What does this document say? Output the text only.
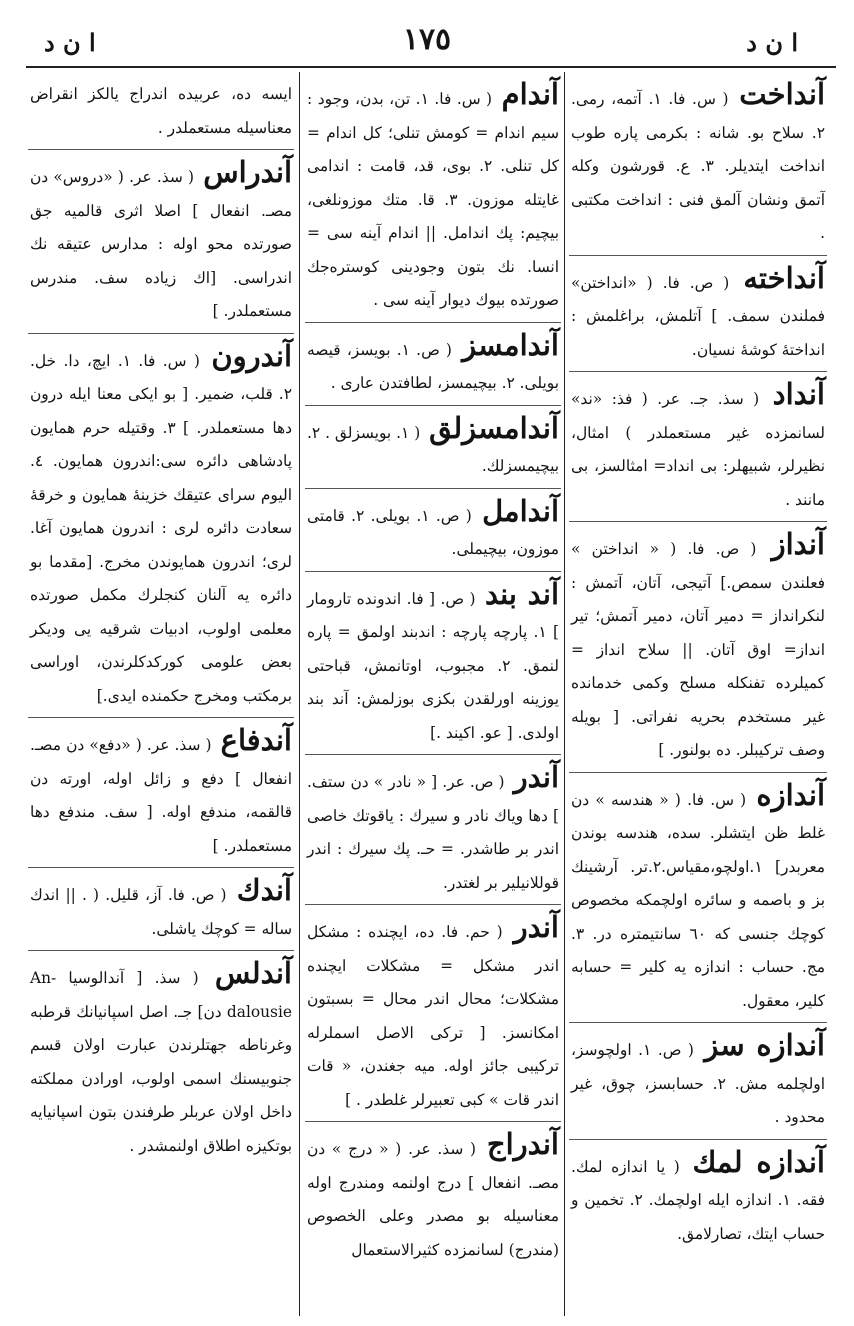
ا ن د
١٧٥
ا ن د

آنداخت ( س. فا. ١. آتمه، رمى. ٢. سلاح بو. شانه : بكرمى پاره طوب انداخت ايتديلر. ٣. ع. قورشون وكله آتمق ونشان آلمق فنى : انداخت مكتبى .

آنداخته ( ص. فا. ( «انداختن» فملندن سمف. ] آتلمش، براغلمش : انداختهٔ كوشهٔ نسيان.

آنداد ( سذ. جـ. عر. ( فذ: «ند» لسانمزده غير مستعملدر ) امثال، نظيرلر، شبيهلر: بى انداد= امثالسز، بى مانند .

آنداز ( ص. فا. ( « انداختن » فعلندن سمص.] آتيجى، آتان، آتمش : لنكرانداز = دمير آتان، دمير آتمش؛ تير انداز= اوق آتان. || سلاح انداز = كميلرده تفنكله مسلح وكمى خدمانده غير مستخدم بحريه نفراتى. [ بويله وصف تركيبلر. ده بولنور. ]

آندازه ( س. فا. ( « هندسه » دن غلط ظن ايتشلر. سده، هندسه بوندن معربدر] ١.اولچو،مقياس.٢.تر. آرشينك بز و باصمه و سائره اولچمكه مخصوص كوچك جنسى كه ٦٠ سانتيمتره در. ٣. مج. حساب : اندازه يه كلير = حسابه كلير، معقول.

آندازه سز ( ص. ١. اولچوسز، اولچلمه مش. ٢. حسابسز، چوق، غير محدود .

آندازه لمك ( يا اندازه لمك. فقه. ١. اندازه ايله اولچمك. ٢. تخمين و حساب ايتك، تصارلامق.

آندام ( س. فا. ١. تن، بدن، وجود : سيم اندام = كومش تنلى؛ كل اندام = كل تنلى. ٢. بوى، قد، قامت : اندامى غايتله موزون. ٣. قا. متك موزونلغى، بيچيم: پك اندامل. || اندام آينه سى = انسا. نك بتون وجودينى كوسترەجك صورتده بيوك ديوار آينه سى .

آندامسز ( ص. ١. بويسز، قيصه بويلى. ٢. بيچيمسز، لطافتدن عارى .

آندامسزلق ( ١. بويسزلق . ٢. بيچيمسزلك.

آندامل ( ص. ١. بويلى. ٢. قامتى موزون، بيچيملى.

آند بند ( ص. [ فا. اندونده تارومار ] ١. پارچه پارچه : اندبند اولمق = پاره لنمق. ٢. مجبوب، اوتانمش، قباحتى يوزينه اورلقدن بكزى بوزلمش: آند بند اولدى. [ عو. اكيند .]

آندر ( ص. عر. [ « نادر » دن ستف. ] دها وياك نادر و سيرك : ياقوتك خاصى اندر بر طاشدر. = حـ. پك سيرك : اندر قوللانيلير بر لغتدر.

آندر ( حم. فا. ده، ايچنده : مشكل اندر مشكل = مشكلات ايچنده مشكلات؛ محال اندر محال = بسبتون امكانسز. [ تركى الاصل اسملرله تركيبى جائز اوله. ميه جغندن، « قات اندر قات » كبى تعبيرلر غلطدر . ]

آندراج ( سذ. عر. ( « درج » دن مصـ. انفعال ] درج اولنمه ومندرج اوله معناسيله بو مصدر وعلى الخصوص (مندرج) لسانمزده كثيرالاستعمال

ايسه ده، عربيده اندراج يالكز انقراض معناسيله مستعملدر .

آندراس ( سذ. عر. ( «دروس» دن مصـ. انفعال ] اصلا اثرى قالميه جق صورتده محو اوله : مدارس عتيقه نك اندراسى. [اك زياده سف. مندرس مستعملدر. ]

آندرون ( س. فا. ١. ايچ، دا. خل. ٢. قلب، ضمير. [ بو ايكى معنا ايله درون دها مستعملدر. ] ٣. وقتيله حرم همايون پادشاهى دائره سى:اندرون همايون. ٤. اليوم سراى عتيقك خزينهٔ همايون و خرقهٔ سعادت دائره لرى : اندرون همايون آغا. لرى؛ اندرون همايوندن مخرج. [مقدما بو دائره يه آلنان كنجلرك مكمل صورتده معلمى اولوب، ادبيات شرقيه يى وديكر بعض علومى كوركدكلرندن، اوراسى برمكتب ومخرج حكمنده ايدى.]

آندفاع ( سذ. عر. ( «دفع» دن مصـ. انفعال ] دفع و زائل اوله، اورته دن قالقمه، مندفع اوله. [ سف. مندفع دها مستعملدر. ]

آندك ( ص. فا. آز، قليل. ( . || اندك ساله = كوچك ياشلى.

آندلس ( سذ. [ آندالوسيا An- dalousie دن] جـ. اصل اسپانيانك قرطبه وغرناطه جهتلرندن عبارت اولان قسم جنوبيسنك اسمى اولوب، اورادن مملكته داخل اولان عربلر طرفندن بتون اسپانيايه بوتكيزه اطلاق اولنمشدر .
